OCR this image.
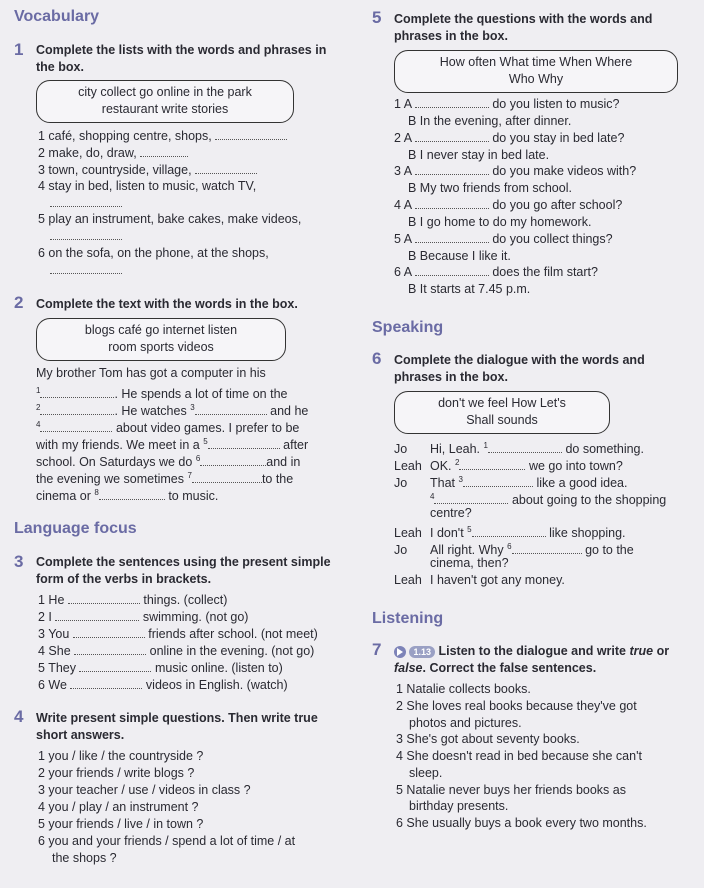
Vocabulary
1 Complete the lists with the words and phrases in
the box.
city collect go online in the park
restaurant write stories
1 café, shopping centre, shops,
2 make, do, draw,
3 town, countryside, village,
4 stay in bed, listen to music, watch TV,
5 play an instrument, bake cakes, make videos,
6 on the sofa, on the phone, at the shops,
2 Complete the text with the words in the box.
blogs café go internet listen
room sports videos
My brother Tom has got a computer in his
$^1$	. He spends a lot of time on the
$^2$	. He watches $^3$	and he
$^4$	about video games. I prefer to be
with my friends. We meet in a $^5$	after
school. On Saturdays we do $^6$	and in
the evening we sometimes $^7$	to the
cinema or $^8$	to music.
Language focus
3 Complete the sentences using the present simple
form of the verbs in brackets.
1 He	things. (collect)
2 I	swimming. (not go)
3 You	friends after school. (not meet)
4 She	online in the evening. (not go)
5 They	music online. (listen to)
6 We	videos in English. (watch)
4 Write present simple questions. Then write true
short answers.
1 you / like / the countryside ?
2 your friends / write blogs ?
3 your teacher / use / videos in class ?
4 you / play / an instrument ?
5 your friends / live / in town ?
6 you and your friends / spend a lot of time / at
the shops ?
5 Complete the questions with the words and
phrases in the box.
How often What time When Where
Who Why
1 A	do you listen to music?
B In the evening, after dinner.
2 A	do you stay in bed late?
B I never stay in bed late.
3 A	do you make videos with?
B My two friends from school.
4 A	do you go after school?
B I go home to do my homework.
5 A	do you collect things?
B Because I like it.
6 A	does the film start?
B It starts at 7.45 p.m.
Speaking
6 Complete the dialogue with the words and
phrases in the box.
don't we feel How Let's
Shall sounds
Jo Hi, Leah. $^1$	do something.
Leah OK. $^2$	we go into town?
Jo That $^3$	like a good idea.
$^4$	about going to the shopping
centre?
Leah I don't $^5$	like shopping.
Jo All right. Why $^6$	go to the
cinema, then?
Leah I haven't got any money.
Listening
7	1.13 Listen to the dialogue and write true or
false. Correct the false sentences.
1 Natalie collects books.
2 She loves real books because they've got
photos and pictures.
3 She's got about seventy books.
4 She doesn't read in bed because she can't
sleep.
5 Natalie never buys her friends books as
birthday presents.
6 She usually buys a book every two months.
